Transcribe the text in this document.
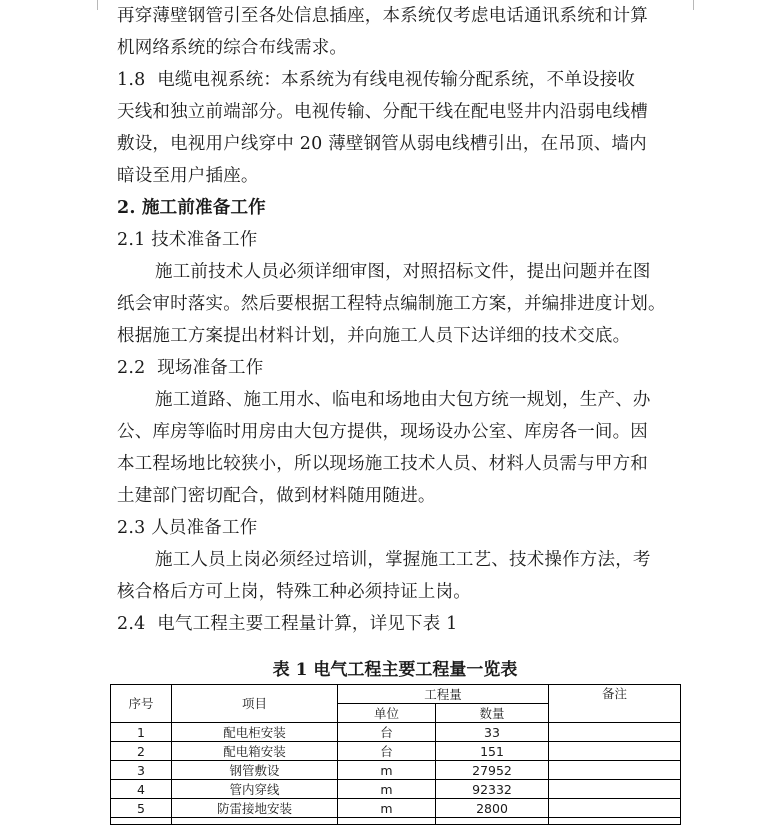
再穿薄壁钢管引至各处信息插座，本系统仅考虑电话通讯系统和计算
机网络系统的综合布线需求。
1.8 电缆电视系统：本系统为有线电视传输分配系统，不单设接收
天线和独立前端部分。电视传输、分配干线在配电竖井内沿弱电线槽
敷设，电视用户线穿中 20 薄壁钢管从弱电线槽引出，在吊顶、墙内
暗设至用户插座。
2. 施工前准备工作
2.1 技术准备工作
施工前技术人员必须详细审图，对照招标文件，提出问题并在图
纸会审时落实。然后要根据工程特点编制施工方案，并编排进度计划。
根据施工方案提出材料计划，并向施工人员下达详细的技术交底。
2.2 现场准备工作
施工道路、施工用水、临电和场地由大包方统一规划，生产、办
公、库房等临时用房由大包方提供，现场设办公室、库房各一间。因
本工程场地比较狭小，所以现场施工技术人员、材料人员需与甲方和
土建部门密切配合，做到材料随用随进。
2.3 人员准备工作
施工人员上岗必须经过培训，掌握施工工艺、技术操作方法，考
核合格后方可上岗，特殊工种必须持证上岗。
2.4 电气工程主要工程量计算，详见下表 1
表 1 电气工程主要工程量一览表
序号	项目	工程量		备注
		单位	数量	
1	配电柜安装	台	33	
2	配电箱安装	台	151	
3	钢管敷设	m	27952	
4	管内穿线	m	92332	
5	防雷接地安装	m	2800	
